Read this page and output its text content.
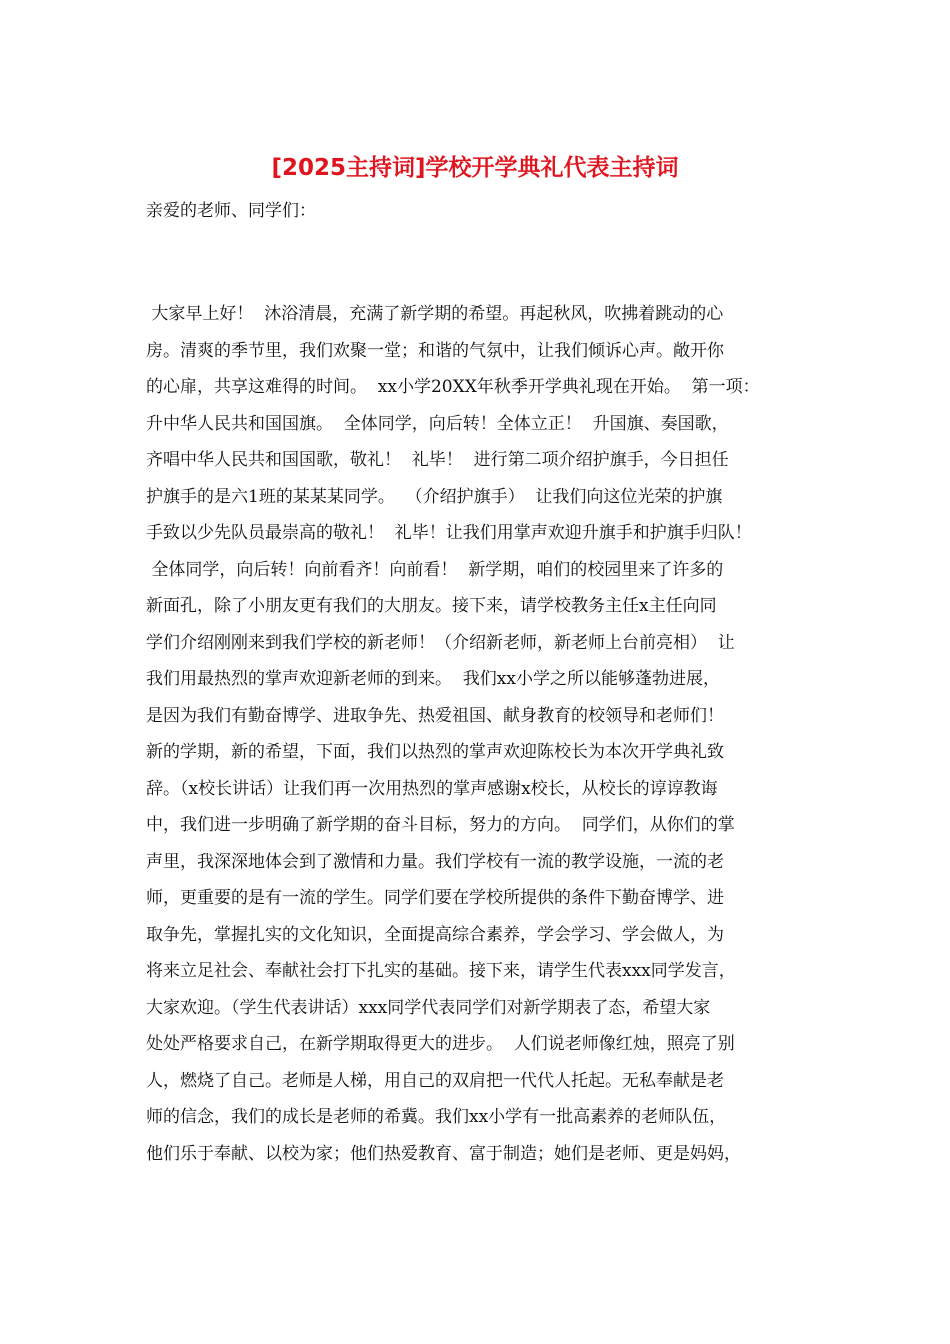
[2025主持词]学校开学典礼代表主持词

亲爱的老师、同学们：

大家早上好！  沐浴清晨，充满了新学期的希望。再起秋风，吹拂着跳动的心
房。清爽的季节里，我们欢聚一堂；和谐的气氛中，让我们倾诉心声。敞开你
的心扉，共享这难得的时间。  xx小学20XX年秋季开学典礼现在开始。  第一项：
升中华人民共和国国旗。  全体同学，向后转！全体立正！  升国旗、奏国歌，
齐唱中华人民共和国国歌，敬礼！  礼毕！  进行第二项介绍护旗手，今日担任
护旗手的是六1班的某某某同学。  （介绍护旗手）  让我们向这位光荣的护旗
手致以少先队员最崇高的敬礼！  礼毕！让我们用掌声欢迎升旗手和护旗手归队！
全体同学，向后转！向前看齐！向前看！  新学期，咱们的校园里来了许多的
新面孔，除了小朋友更有我们的大朋友。接下来，请学校教务主任x主任向同
学们介绍刚刚来到我们学校的新老师！（介绍新老师，新老师上台前亮相）  让
我们用最热烈的掌声欢迎新老师的到来。  我们xx小学之所以能够蓬勃进展，
是因为我们有勤奋博学、进取争先、热爱祖国、献身教育的校领导和老师们！
新的学期，新的希望，下面，我们以热烈的掌声欢迎陈校长为本次开学典礼致
辞。（x校长讲话）让我们再一次用热烈的掌声感谢x校长，从校长的谆谆教诲
中，我们进一步明确了新学期的奋斗目标，努力的方向。  同学们，从你们的掌
声里，我深深地体会到了激情和力量。我们学校有一流的教学设施，一流的老
师，更重要的是有一流的学生。同学们要在学校所提供的条件下勤奋博学、进
取争先，掌握扎实的文化知识，全面提高综合素养，学会学习、学会做人，为
将来立足社会、奉献社会打下扎实的基础。接下来，请学生代表xxx同学发言，
大家欢迎。（学生代表讲话）xxx同学代表同学们对新学期表了态，希望大家
处处严格要求自己，在新学期取得更大的进步。  人们说老师像红烛，照亮了别
人，燃烧了自己。老师是人梯，用自己的双肩把一代代人托起。无私奉献是老
师的信念，我们的成长是老师的希冀。我们xx小学有一批高素养的老师队伍，
他们乐于奉献、以校为家；他们热爱教育、富于制造；她们是老师、更是妈妈，
